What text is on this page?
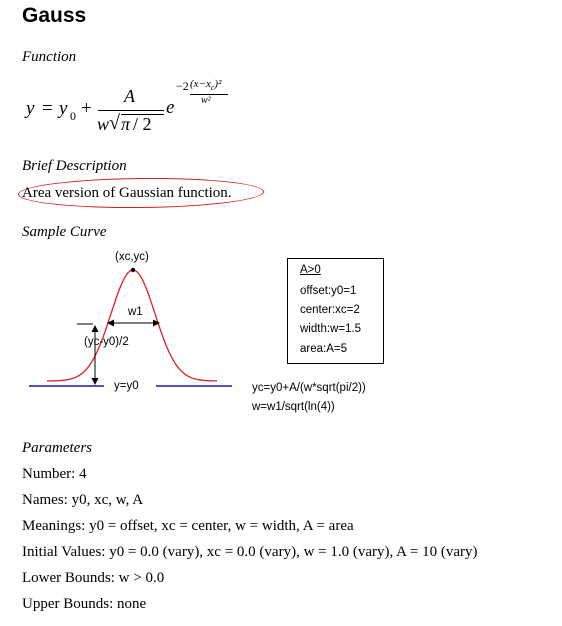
Gauss
Function
y = y 0 +
A
w √ π / 2
e
−2 $(x-x_c)^2$
w²
Brief Description
Area version of Gaussian function.
Sample Curve
(xc,yc)
w1
(yc-y0)/2
y=y0
A>0
offset:y0=1
center:xc=2
width:w=1.5
area:A=5
yc=y0+A/(w*sqrt(pi/2))
w=w1/sqrt(ln(4))
Parameters
Number: 4
Names: y0, xc, w, A
Meanings: y0 = offset, xc = center, w = width, A = area
Initial Values: y0 = 0.0 (vary), xc = 0.0 (vary), w = 1.0 (vary), A = 10 (vary)
Lower Bounds: w > 0.0
Upper Bounds: none
